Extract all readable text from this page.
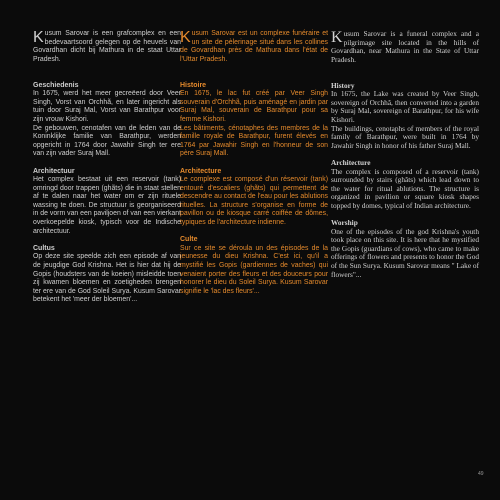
Kusum Sarovar is een grafcomplex en een bedevaartsoord gelegen op de heuvels van Govardhan dicht bij Mathura in de staat Uttar Pradesh.

Geschiedenis

In 1675, werd het meer gecreëerd door Veer Singh, Vorst van Orchhã, en later ingericht als tuin door Suraj Mal, Vorst van Barathpur voor zijn vrouw Kishori.

De gebouwen, cenotafen van de leden van de Koninklijke familie van Barathpur, werden opgericht in 1764 door Jawahir Singh ter ere van zijn vader Suraj Mall.

Architectuur

Het complex bestaat uit een reservoir (tank) omringd door trappen (ghãts) die in staat stellen af te dalen naar het water om er zijn rituele wassing te doen. De structuur is georganiseerd in de vorm van een paviljoen of van een vierkant overkoepelde kiosk, typisch voor de Indische architectuur.

Cultus

Op deze site speelde zich een episode af van de jeugdige God Krishna. Het is hier dat hij de Gopis (houdsters van de koeien) misleidde toen zij kwamen bloemen en zoetigheden brengen ter ere van de God Soleil Surya. Kusum Sarovar betekent het 'meer der bloemen'...

Kusum Sarovar est un complexe funéraire et un site de pèlerinage situé dans les collines de Govardhan près de Mathura dans l'état de l'Uttar Pradesh.

Histoire

En 1675, le lac fut créé par Veer Singh souverain d'Orchhã, puis aménagé en jardin par Suraj Mal, souverain de Barathpur pour sa femme Kishori.

Les bâtiments, cénotaphes des membres de la famille royale de Barathpur, furent élevés en 1764 par Jawahir Singh en l'honneur de son père Suraj Mall.

Architecture

Le complexe est composé d'un réservoir (tank) entouré d'escaliers (ghãts) qui permettent de descendre au contact de l'eau pour les ablutions rituelles. La structure s'organise en forme de pavillon ou de kiosque carré coiffée de dômes, typiques de l'architecture indienne.

Culte

Sur ce site se déroula un des épisodes de la jeunesse du dieu Krishna. C'est ici, qu'il a mystifié les Gopis (gardiennes de vaches) qui venaient porter des fleurs et des douceurs pour honorer le dieu du Soleil Surya. Kusum Sarovar signifie le 'lac des fleurs'...

Kusum Sarovar is a funeral complex and a pilgrimage site located in the hills of Govardhan, near Mathura in the State of Uttar Pradesh.

History

In 1675, the Lake was created by Veer Singh, sovereign of Orchhã, then converted into a garden by Suraj Mal, sovereign of Barathpur, for his wife Kishori.

The buildings, cenotaphs of members of the royal family of Barathpur, were built in 1764 by Jawahir Singh in honor of his father Suraj Mall.

Architecture

The complex is composed of a reservoir (tank) surrounded by stairs (ghãts) which lead down to the water for ritual ablutions. The structure is organized in pavilion or square kiosk shapes topped by domes, typical of Indian architecture.

Worship

One of the episodes of the god Krishna's youth took place on this site. It is here that he mystified the Gopis (guardians of cows), who came to make offerings of flowers and presents to honor the God of the Sun Surya. Kusum Sarovar means " Lake of flowers"...

49
